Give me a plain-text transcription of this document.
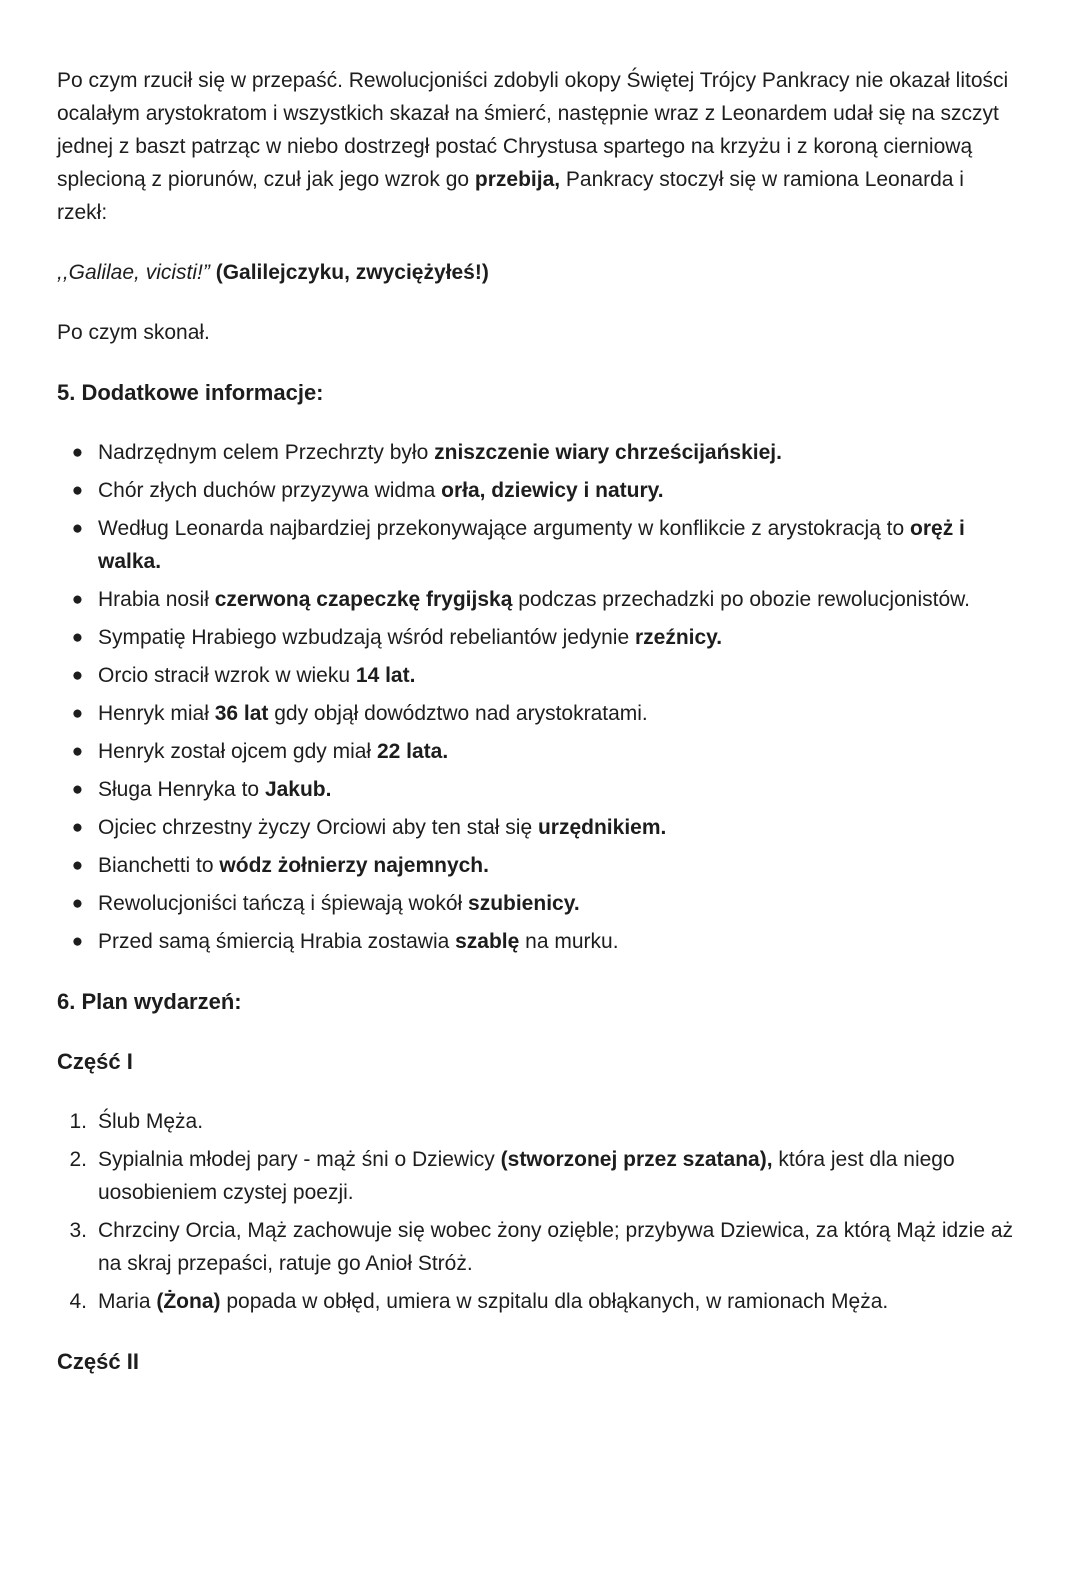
Po czym rzucił się w przepaść. Rewolucjoniści zdobyli okopy Świętej Trójcy Pankracy nie okazał litości ocalałym arystokratom i wszystkich skazał na śmierć, następnie wraz z Leonardem udał się na szczyt jednej z baszt patrząc w niebo dostrzegł postać Chrystusa spartego na krzyżu i z koroną cierniową splecioną z piorunów, czuł jak jego wzrok go przebija, Pankracy stoczył się w ramiona Leonarda i rzekł:

,,Galilae, vicisti!” (Galilejczyku, zwyciężyłeś!)

Po czym skonał.

5. Dodatkowe informacje:
● Nadrzędnym celem Przechrzty było zniszczenie wiary chrześcijańskiej.
● Chór złych duchów przyzywa widma orła, dziewicy i natury.
● Według Leonarda najbardziej przekonywające argumenty w konflikcie z arystokracją to oręż i walka.
● Hrabia nosił czerwoną czapeczkę frygijską podczas przechadzki po obozie rewolucjonistów.
● Sympatię Hrabiego wzbudzają wśród rebeliantów jedynie rzeźnicy.
● Orcio stracił wzrok w wieku 14 lat.
● Henryk miał 36 lat gdy objął dowództwo nad arystokratami.
● Henryk został ojcem gdy miał 22 lata.
● Sługa Henryka to Jakub.
● Ojciec chrzestny życzy Orciowi aby ten stał się urzędnikiem.
● Bianchetti to wódz żołnierzy najemnych.
● Rewolucjoniści tańczą i śpiewają wokół szubienicy.
● Przed samą śmiercią Hrabia zostawia szablę na murku.
6. Plan wydarzeń:
Część I
1. Ślub Męża.
2. Sypialnia młodej pary - mąż śni o Dziewicy (stworzonej przez szatana), która jest dla niego uosobieniem czystej poezji.
3. Chrzciny Orcia, Mąż zachowuje się wobec żony ozięble; przybywa Dziewica, za którą Mąż idzie aż na skraj przepaści, ratuje go Anioł Stróż.
4. Maria (Żona) popada w obłęd, umiera w szpitalu dla obłąkanych, w ramionach Męża.
Część II
